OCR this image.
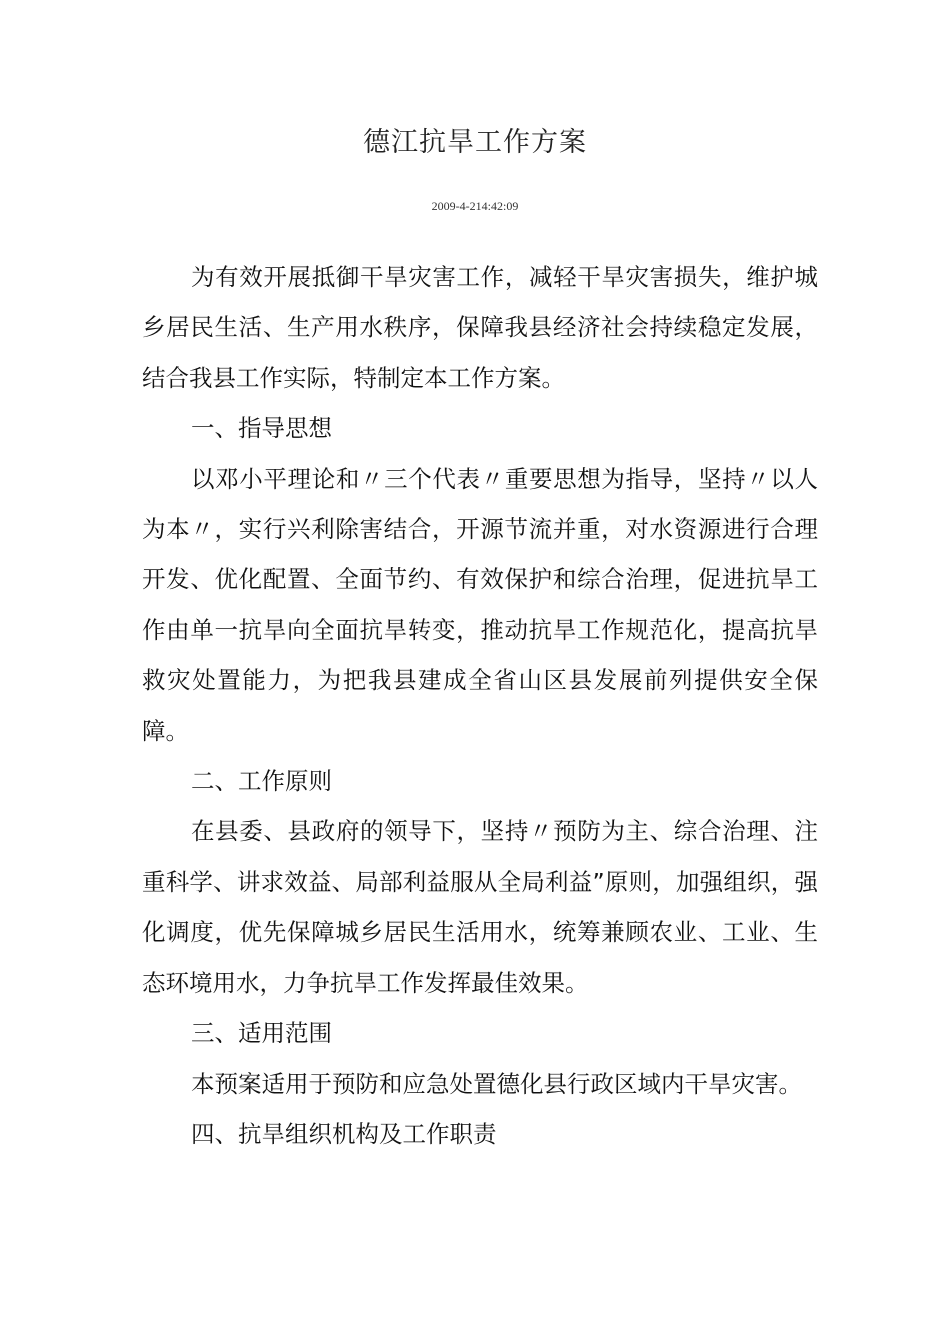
德江抗旱工作方案
2009-4-214:42:09

为有效开展抵御干旱灾害工作，减轻干旱灾害损失，维护城乡居民生活、生产用水秩序，保障我县经济社会持续稳定发展，结合我县工作实际，特制定本工作方案。

一、指导思想

以邓小平理论和〃三个代表〃重要思想为指导，坚持〃以人为本〃，实行兴利除害结合，开源节流并重，对水资源进行合理开发、优化配置、全面节约、有效保护和综合治理，促进抗旱工作由单一抗旱向全面抗旱转变，推动抗旱工作规范化，提高抗旱救灾处置能力，为把我县建成全省山区县发展前列提供安全保障。

二、工作原则

在县委、县政府的领导下，坚持〃预防为主、综合治理、注重科学、讲求效益、局部利益服从全局利益”原则，加强组织，强化调度，优先保障城乡居民生活用水，统筹兼顾农业、工业、生态环境用水，力争抗旱工作发挥最佳效果。

三、适用范围

本预案适用于预防和应急处置德化县行政区域内干旱灾害。

四、抗旱组织机构及工作职责
